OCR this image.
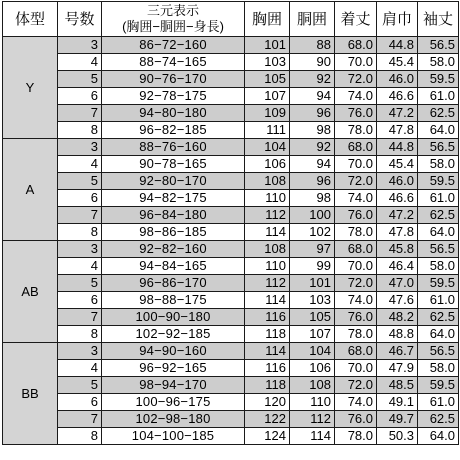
体型	号数	三元表示
(胸囲−胴囲−身長)	胸囲	胴囲	着丈	肩巾	袖丈
Y	3	86−72−160	101	88	68.0	44.8	56.5
	4	88−74−165	103	90	70.0	45.4	58.0
	5	90−76−170	105	92	72.0	46.0	59.5
	6	92−78−175	107	94	74.0	46.6	61.0
	7	94−80−180	109	96	76.0	47.2	62.5
	8	96−82−185	111	98	78.0	47.8	64.0
A	3	88−76−160	104	92	68.0	44.8	56.5
	4	90−78−165	106	94	70.0	45.4	58.0
	5	92−80−170	108	96	72.0	46.0	59.5
	6	94−82−175	110	98	74.0	46.6	61.0
	7	96−84−180	112	100	76.0	47.2	62.5
	8	98−86−185	114	102	78.0	47.8	64.0
AB	3	92−82−160	108	97	68.0	45.8	56.5
	4	94−84−165	110	99	70.0	46.4	58.0
	5	96−86−170	112	101	72.0	47.0	59.5
	6	98−88−175	114	103	74.0	47.6	61.0
	7	100−90−180	116	105	76.0	48.2	62.5
	8	102−92−185	118	107	78.0	48.8	64.0
BB	3	94−90−160	114	104	68.0	46.7	56.5
	4	96−92−165	116	106	70.0	47.9	58.0
	5	98−94−170	118	108	72.0	48.5	59.5
	6	100−96−175	120	110	74.0	49.1	61.0
	7	102−98−180	122	112	76.0	49.7	62.5
	8	104−100−185	124	114	78.0	50.3	64.0
